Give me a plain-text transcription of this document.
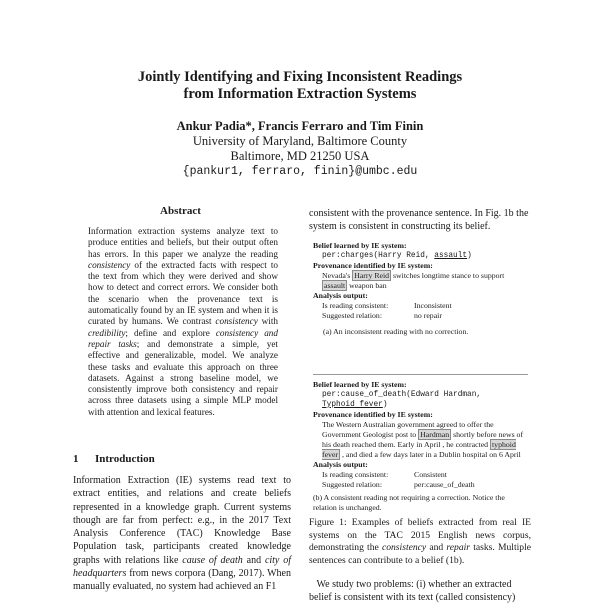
Jointly Identifying and Fixing Inconsistent Readings
from Information Extraction Systems
Ankur Padia*, Francis Ferraro and Tim Finin
University of Maryland, Baltimore County
Baltimore, MD 21250 USA
{pankur1, ferraro, finin}@umbc.edu
Abstract
Information extraction systems analyze text to produce entities and beliefs, but their output often has errors. In this paper we analyze the reading consistency of the extracted facts with respect to the text from which they were derived and show how to detect and correct errors. We consider both the scenario when the provenance text is automatically found by an IE system and when it is curated by humans. We contrast consistency with credibility; define and explore consistency and repair tasks; and demonstrate a simple, yet effective and generalizable, model. We analyze these tasks and evaluate this approach on three datasets. Against a strong baseline model, we consistently improve both consistency and repair across three datasets using a simple MLP model with attention and lexical features.
1 Introduction
Information Extraction (IE) systems read text to extract entities, and relations and create beliefs represented in a knowledge graph. Current systems though are far from perfect: e.g., in the 2017 Text Analysis Conference (TAC) Knowledge Base Population task, participants created knowledge graphs with relations like cause of death and city of headquarters from news corpora (Dang, 2017). When manually evaluated, no system had achieved an F1
consistent with the provenance sentence. In Fig. 1b the system is consistent in constructing its belief.
Belief learned by IE system:
per:charges(Harry Reid, assault)
Provenance identified by IE system:
Nevada's Harry Reid switches longtime stance to support assault weapon ban
Analysis output:
Is reading consistent:	Inconsistent
Suggested relation:	no repair
(a) An inconsistent reading with no correction.
Belief learned by IE system:
per:cause_of_death(Edward Hardman,
Typhoid fever)
Provenance identified by IE system:
The Western Australian government agreed to offer the Government Geologist post to Hardman shortly before news of his death reached them. Early in April , he contracted typhoid fever , and died a few days later in a Dublin hospital on 6 April
Analysis output:
Is reading consistent:	Consistent
Suggested relation:	per:cause_of_death
(b) A consistent reading not requiring a correction. Notice the relation is unchanged.
Figure 1: Examples of beliefs extracted from real IE systems on the TAC 2015 English news corpus, demonstrating the consistency and repair tasks. Multiple sentences can contribute to a belief (1b).
We study two problems: (i) whether an extracted belief is consistent with its text (called consistency)
